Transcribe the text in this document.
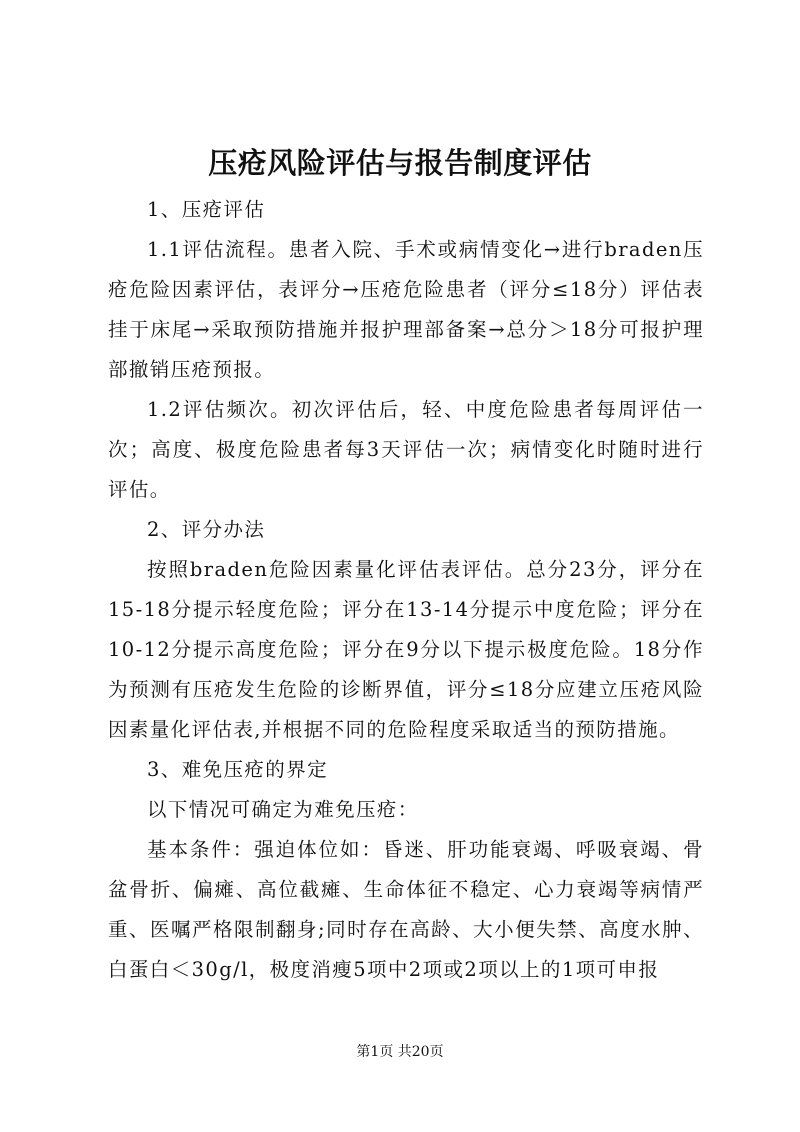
压疮风险评估与报告制度评估

1、压疮评估

1.1评估流程。患者入院、手术或病情变化→进行braden压疮危险因素评估，表评分→压疮危险患者（评分≤18分）评估表挂于床尾→采取预防措施并报护理部备案→总分＞18分可报护理部撤销压疮预报。

1.2评估频次。初次评估后，轻、中度危险患者每周评估一次；高度、极度危险患者每3天评估一次；病情变化时随时进行评估。

2、评分办法

按照braden危险因素量化评估表评估。总分23分，评分在15-18分提示轻度危险；评分在13-14分提示中度危险；评分在10-12分提示高度危险；评分在9分以下提示极度危险。18分作为预测有压疮发生危险的诊断界值，评分≤18分应建立压疮风险因素量化评估表,并根据不同的危险程度采取适当的预防措施。

3、难免压疮的界定

以下情况可确定为难免压疮：

基本条件：强迫体位如：昏迷、肝功能衰竭、呼吸衰竭、骨盆骨折、偏瘫、高位截瘫、生命体征不稳定、心力衰竭等病情严重、医嘱严格限制翻身;同时存在高龄、大小便失禁、高度水肿、白蛋白＜30g/l，极度消瘦5项中2项或2项以上的1项可申报

第1页 共20页
